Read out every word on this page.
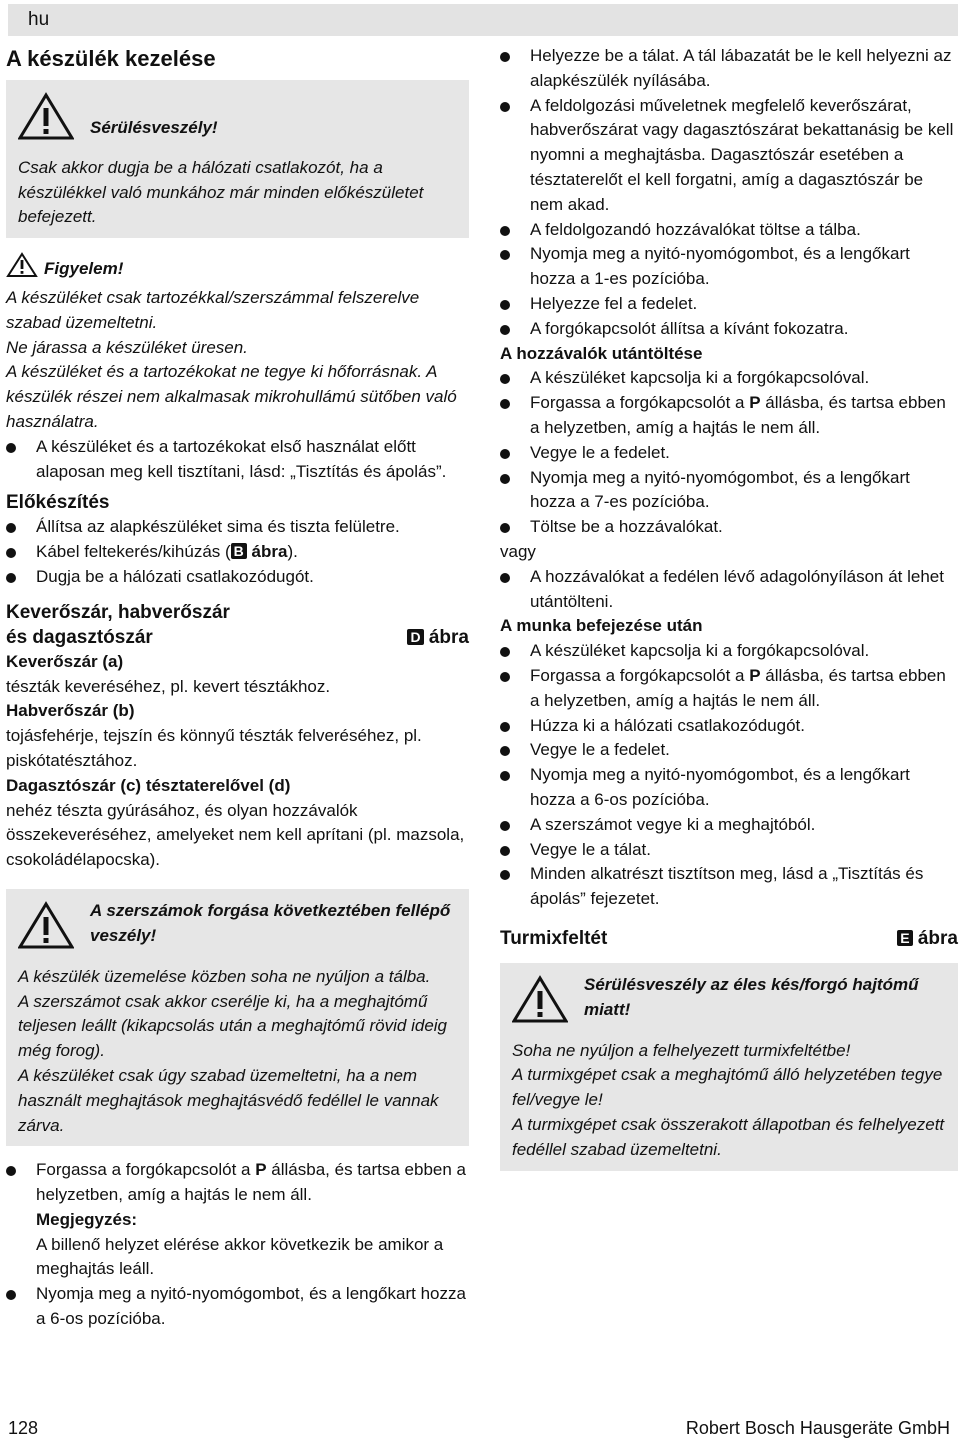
hu
A készülék kezelése
Sérülésveszély!

Csak akkor dugja be a hálózati csatlakozót, ha a készülékkel való munkához már minden előkészületet befejezett.

Figyelem!

A készüléket csak tartozékkal/szerszámmal felszerelve szabad üzemeltetni.

Ne járassa a készüléket üresen.

A készüléket és a tartozékokat ne tegye ki hőforrásnak. A készülék részei nem alkalmasak mikrohullámú sütőben való használatra.

A készüléket és a tartozékokat első használat előtt alaposan meg kell tisztítani, lásd: „Tisztítás és ápolás”.
Előkészítés
Állítsa az alapkészüléket sima és tiszta felületre.
Kábel feltekerés/kihúzás ( B ábra).
Dugja be a hálózati csatlakozódugót.
Keverőszár, habverőszár
és dagasztószár	D ábra
Keverőszár (a)

tészták keveréséhez, pl. kevert tésztákhoz.

Habverőszár (b)

tojásfehérje, tejszín és könnyű tészták felveréséhez, pl. piskótatésztához.

Dagasztószár (c) tésztaterelővel (d)

nehéz tészta gyúrásához, és olyan hozzávalók összekeveréséhez, amelyeket nem kell aprítani (pl. mazsola, csokoládélapocska).

A szerszámok forgása következtében fellépő veszély!

A készülék üzemelése közben soha ne nyúljon a tálba.

A szerszámot csak akkor cserélje ki, ha a meghajtómű teljesen leállt (kikapcsolás után a meghajtómű rövid ideig még forog).

A készüléket csak úgy szabad üzemeltetni, ha a nem használt meghajtások meghajtásvédő fedéllel le vannak zárva.

Forgassa a forgókapcsolót a P állásba, és tartsa ebben a helyzetben, amíg a hajtás le nem áll.
Megjegyzés:
A billenő helyzet elérése akkor következik be amikor a meghajtás leáll.
Nyomja meg a nyitó-nyomógombot, és a lengőkart hozza a 6-os pozícióba.
Helyezze be a tálat. A tál lábazatát be le kell helyezni az alapkészülék nyílásába.
A feldolgozási műveletnek megfelelő keverőszárat, habverőszárat vagy dagasztószárat bekattanásig be kell nyomni a meghajtásba. Dagasztószár esetében a tésztaterelőt el kell forgatni, amíg a dagasztószár be nem akad.
A feldolgozandó hozzávalókat töltse a tálba.
Nyomja meg a nyitó-nyomógombot, és a lengőkart hozza a 1-es pozícióba.
Helyezze fel a fedelet.
A forgókapcsolót állítsa a kívánt fokozatra.
A hozzávalók utántöltése
A készüléket kapcsolja ki a forgókapcsolóval.
Forgassa a forgókapcsolót a P állásba, és tartsa ebben a helyzetben, amíg a hajtás le nem áll.
Vegye le a fedelet.
Nyomja meg a nyitó-nyomógombot, és a lengőkart hozza a 7-es pozícióba.
Töltse be a hozzávalókat.

vagy

A hozzávalókat a fedélen lévő adagolónyíláson át lehet utántölteni.
A munka befejezése után
A készüléket kapcsolja ki a forgókapcsolóval.
Forgassa a forgókapcsolót a P állásba, és tartsa ebben a helyzetben, amíg a hajtás le nem áll.
Húzza ki a hálózati csatlakozódugót.
Vegye le a fedelet.
Nyomja meg a nyitó-nyomógombot, és a lengőkart hozza a 6-os pozícióba.
A szerszámot vegye ki a meghajtóból.
Vegye le a tálat.
Minden alkatrészt tisztítson meg, lásd a „Tisztítás és ápolás” fejezetet.
Turmixfeltét	E ábra
Sérülésveszély az éles kés/forgó hajtómű miatt!

Soha ne nyúljon a felhelyezett turmixfeltétbe!

A turmixgépet csak a meghajtómű álló helyzetében tegye fel/vegye le!

A turmixgépet csak összerakott állapotban és felhelyezett fedéllel szabad üzemeltetni.

128	Robert Bosch Hausgeräte GmbH
